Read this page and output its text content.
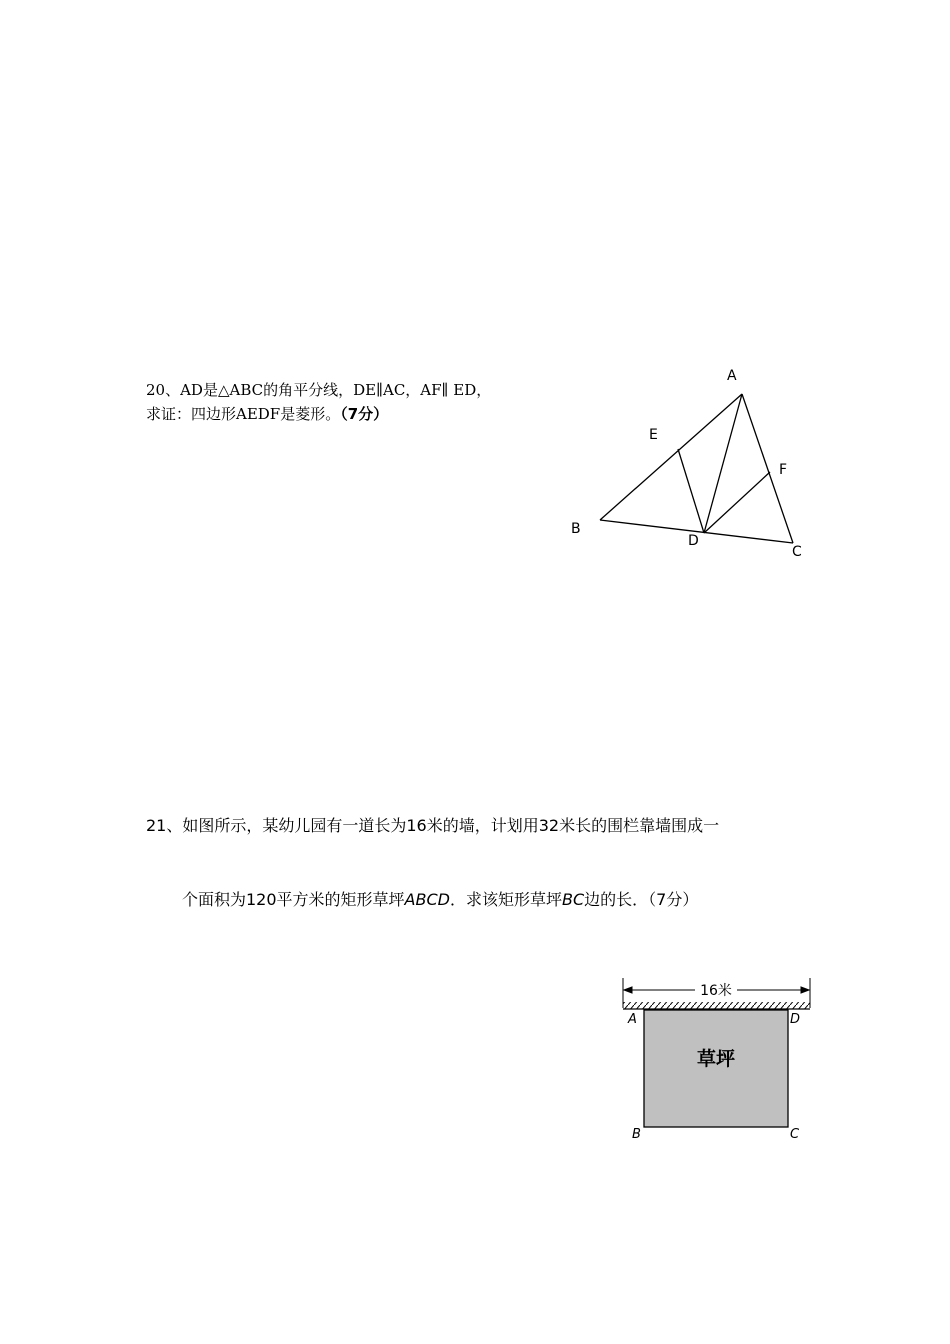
20、AD是△ABC的角平分线，DE∥AC，AF∥ ED，
求证：四边形AEDF是菱形。（7分）
A
B
C
D
E
F
21、如图所示，某幼儿园有一道长为16米的墙，计划用32米长的围栏靠墙围成一
个面积为120平方米的矩形草坪ABCD．求该矩形草坪BC边的长．（7分）
16米
草坪
A	D
B	C
